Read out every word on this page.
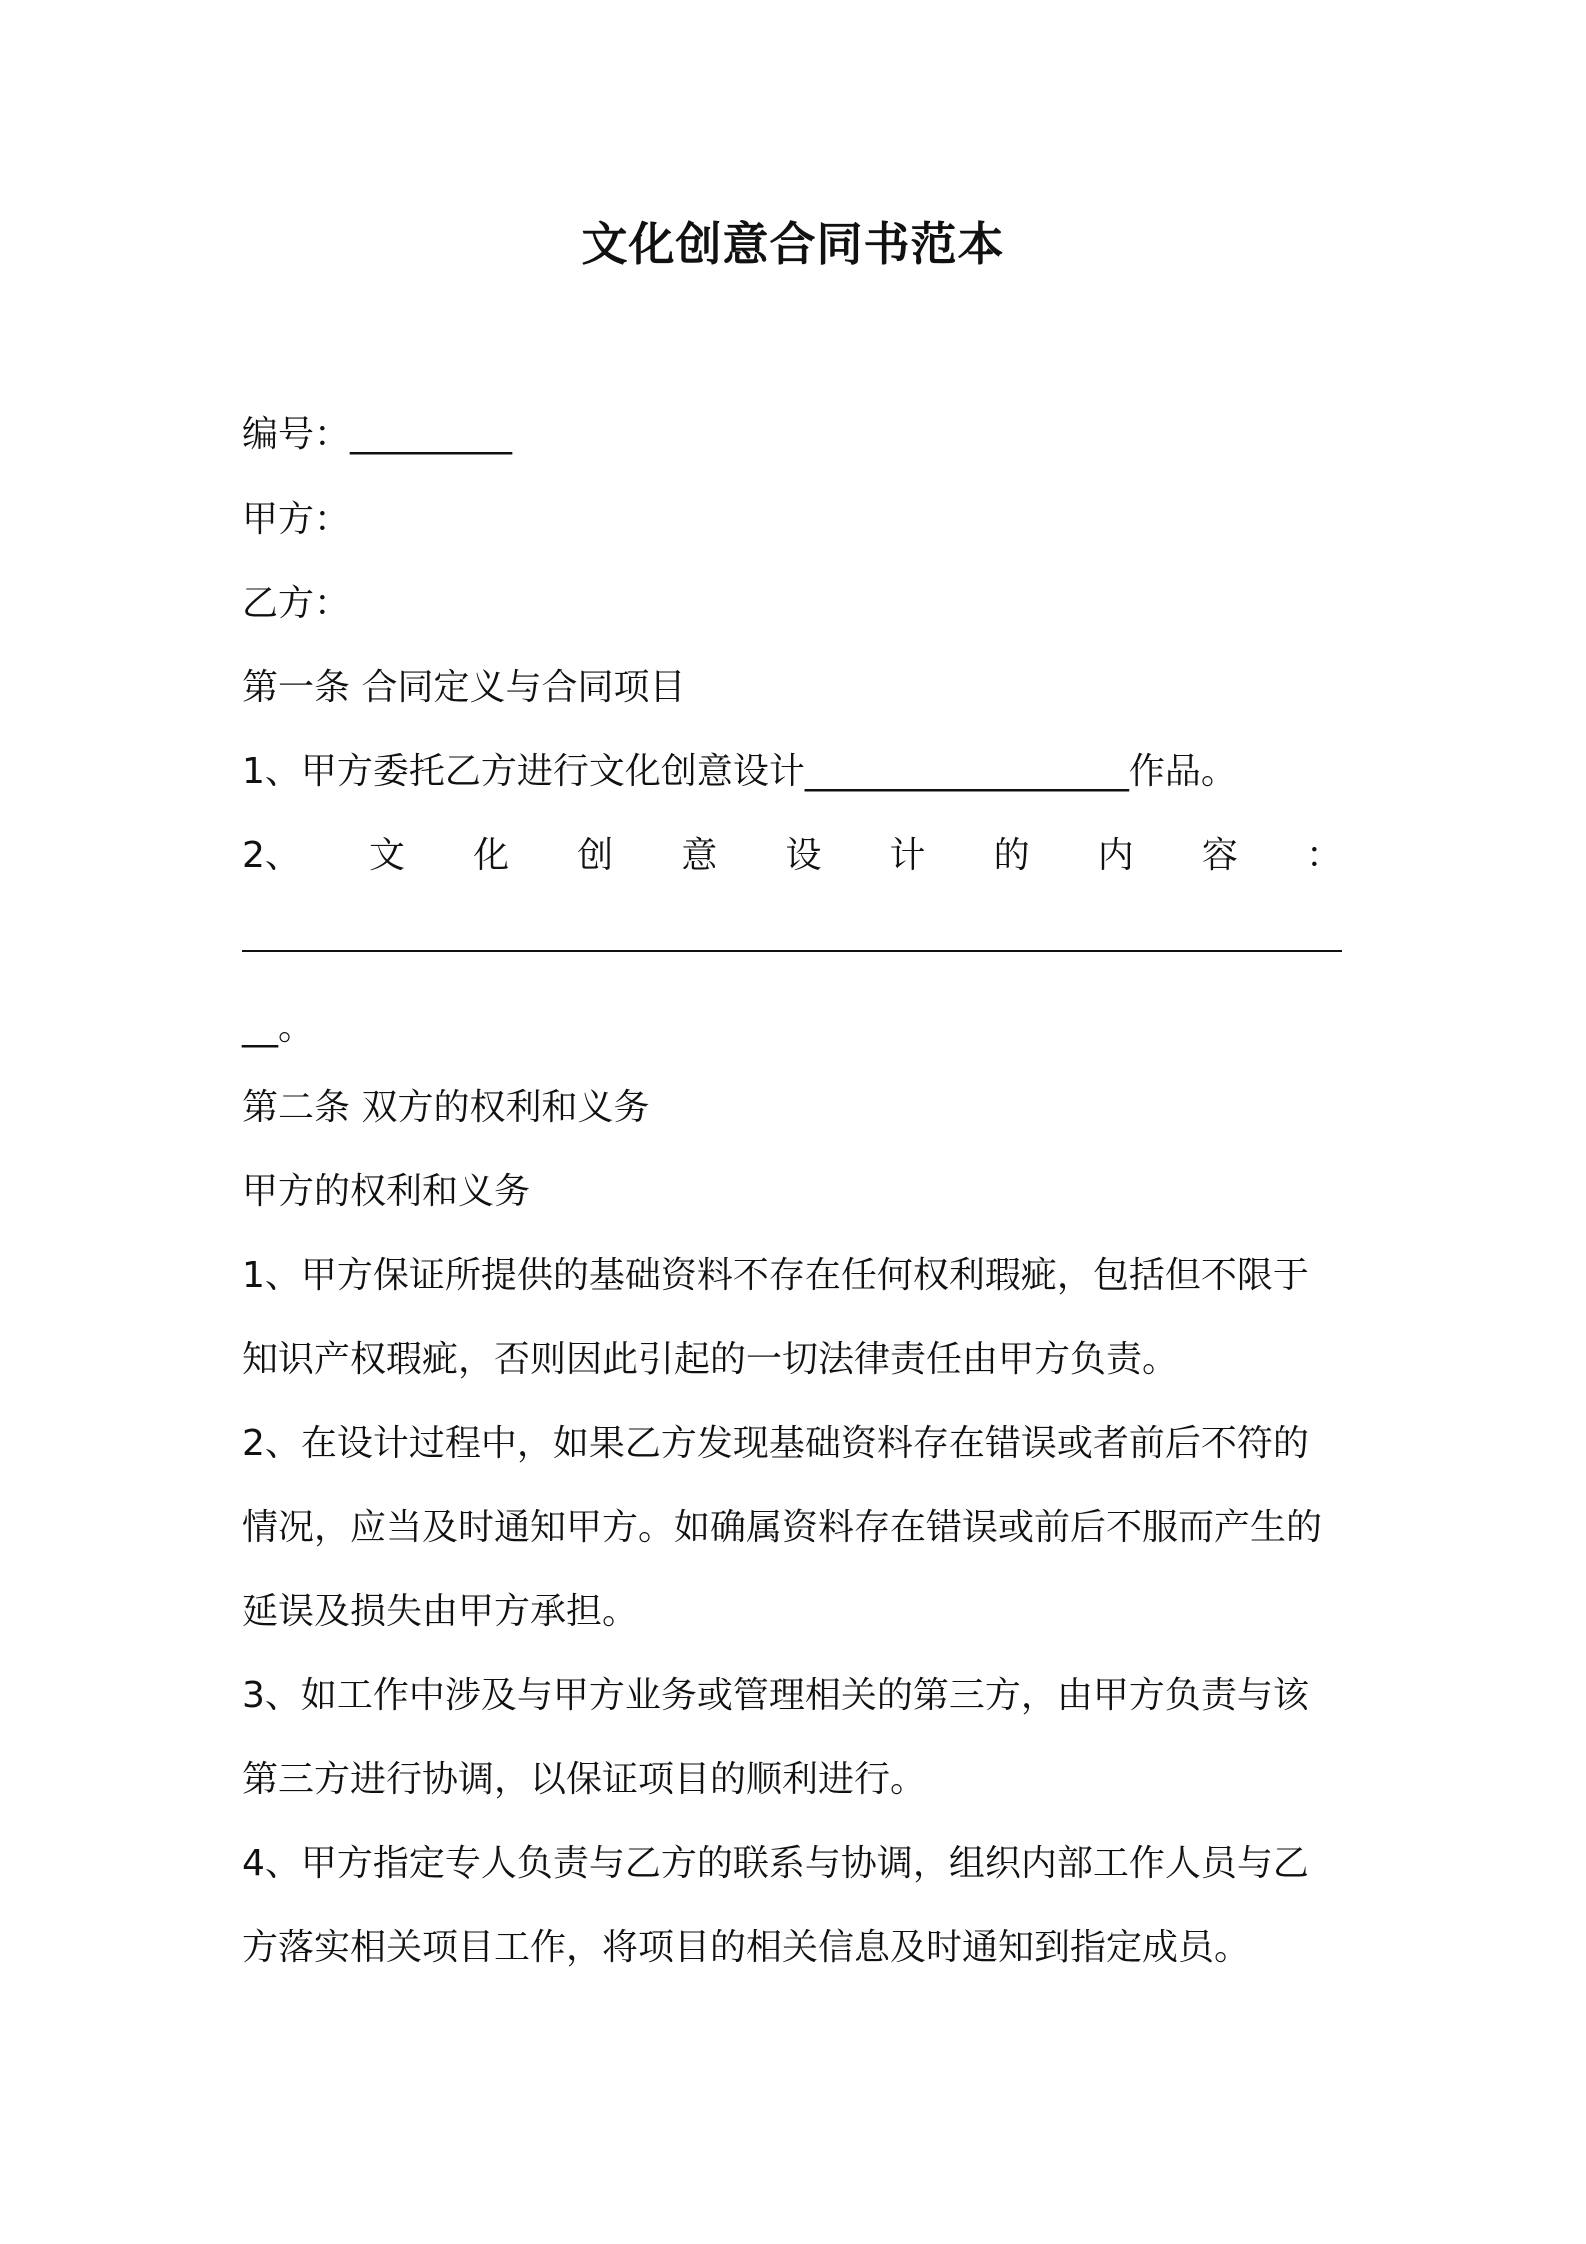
文化创意合同书范本
编号：_________
甲方：
乙方：
第一条 合同定义与合同项目
1、甲方委托乙方进行文化创意设计__________________作品。
2、 文 化 创 意 设 计 的 内 容 ：
__。
第二条 双方的权利和义务
甲方的权利和义务
1、甲方保证所提供的基础资料不存在任何权利瑕疵，包括但不限于
知识产权瑕疵，否则因此引起的一切法律责任由甲方负责。
2、在设计过程中，如果乙方发现基础资料存在错误或者前后不符的
情况，应当及时通知甲方。如确属资料存在错误或前后不服而产生的
延误及损失由甲方承担。
3、如工作中涉及与甲方业务或管理相关的第三方，由甲方负责与该
第三方进行协调，以保证项目的顺利进行。
4、甲方指定专人负责与乙方的联系与协调，组织内部工作人员与乙
方落实相关项目工作，将项目的相关信息及时通知到指定成员。
